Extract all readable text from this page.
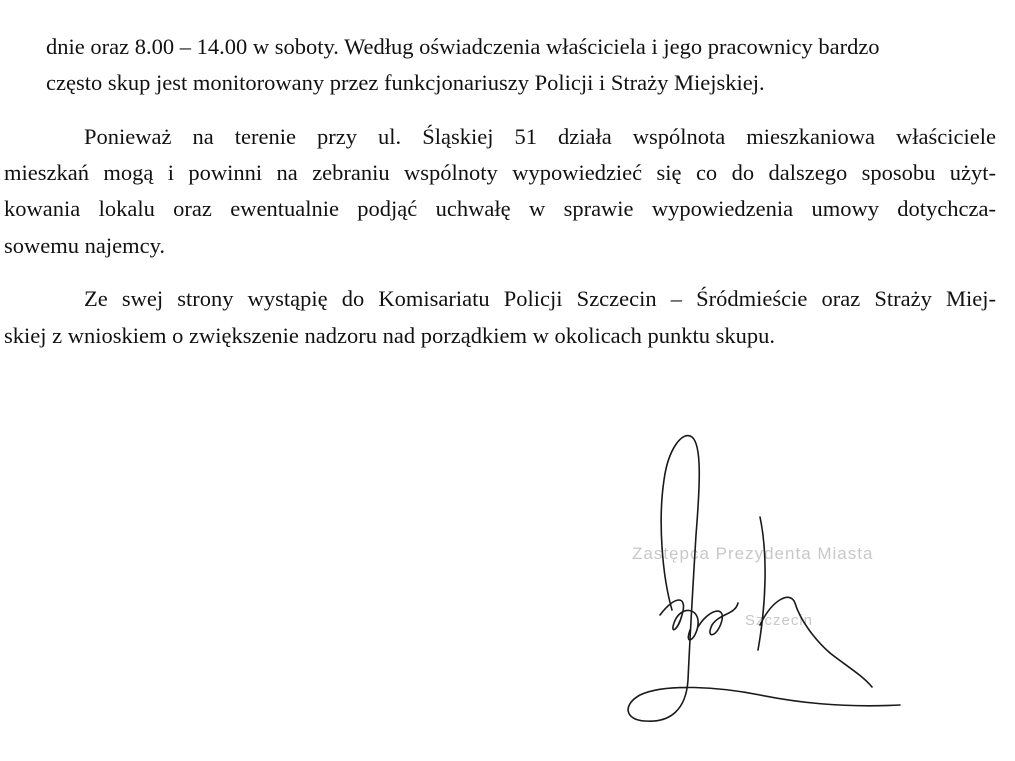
dnie oraz 8.00 – 14.00 w soboty. Według oświadczenia właściciela i jego pracownicy bardzo
często skup jest monitorowany przez funkcjonariuszy Policji i Straży Miejskiej.
Ponieważ na terenie przy ul. Śląskiej 51 działa wspólnota mieszkaniowa właściciele
mieszkań mogą i powinni na zebraniu wspólnoty wypowiedzieć się co do dalszego sposobu użyt-
kowania lokalu oraz ewentualnie podjąć uchwałę w sprawie wypowiedzenia umowy dotychcza-
sowemu najemcy.
Ze swej strony wystąpię do Komisariatu Policji Szczecin – Śródmieście oraz Straży Miej-
skiej z wnioskiem o zwiększenie nadzoru nad porządkiem w okolicach punktu skupu.
Zastępca Prezydenta Miasta
Szczecin
